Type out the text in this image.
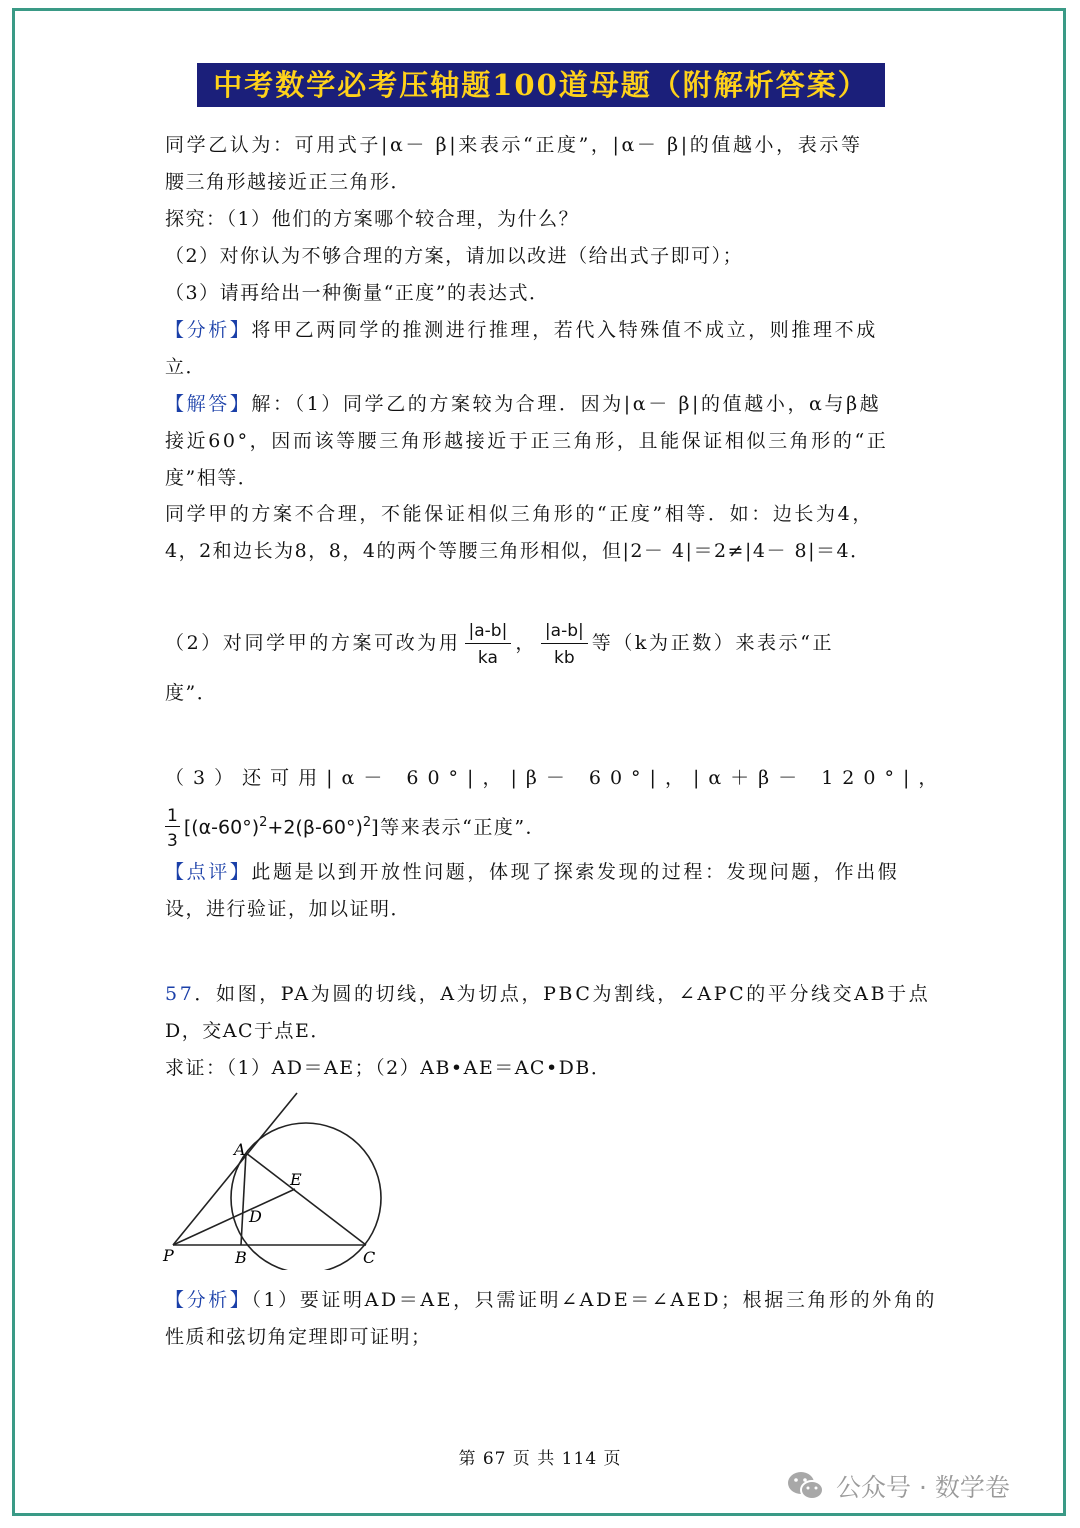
中考数学必考压轴题100道母题（附解析答案）
同学乙认为：可用式子|α－ β|来表示“正度”，|α－ β|的值越小，表示等
腰三角形越接近正三角形．
探究：（1）他们的方案哪个较合理，为什么？
（2）对你认为不够合理的方案，请加以改进（给出式子即可）；
（3）请再给出一种衡量“正度”的表达式．
【分析】将甲乙两同学的推测进行推理，若代入特殊值不成立，则推理不成
立．
【解答】解：（1）同学乙的方案较为合理．因为|α－ β|的值越小，α与β越
接近60°，因而该等腰三角形越接近于正三角形，且能保证相似三角形的“正
度”相等．
同学甲的方案不合理，不能保证相似三角形的“正度”相等．如：边长为4，
4，2和边长为8，8，4的两个等腰三角形相似，但|2－ 4|＝2≠|4－ 8|＝4．
（2）对同学甲的方案可改为用 $\frac{|a-b|}{ka}$ ， $\frac{|a-b|}{kb}$ 等（k为正数）来表示“正
度”．
（3）还可用|α－ 60°|，|β－ 60°|，|α＋β－ 120°|，
$\frac{1}{3} [(\alpha-60^\circ)^2+2(\beta-60^\circ)^2]$等来表示“正度”．
【点评】此题是以到开放性问题，体现了探索发现的过程：发现问题，作出假
设，进行验证，加以证明．
57．如图，PA为圆的切线，A为切点，PBC为割线，∠APC的平分线交AB于点
D，交AC于点E．
求证：（1）AD＝AE；（2）AB•AE＝AC•DB．
A
E
D
P	B	C
【分析】（1）要证明AD＝AE，只需证明∠ADE＝∠AED；根据三角形的外角的
性质和弦切角定理即可证明；
第 67 页 共 114 页
公众号 · 数学卷
